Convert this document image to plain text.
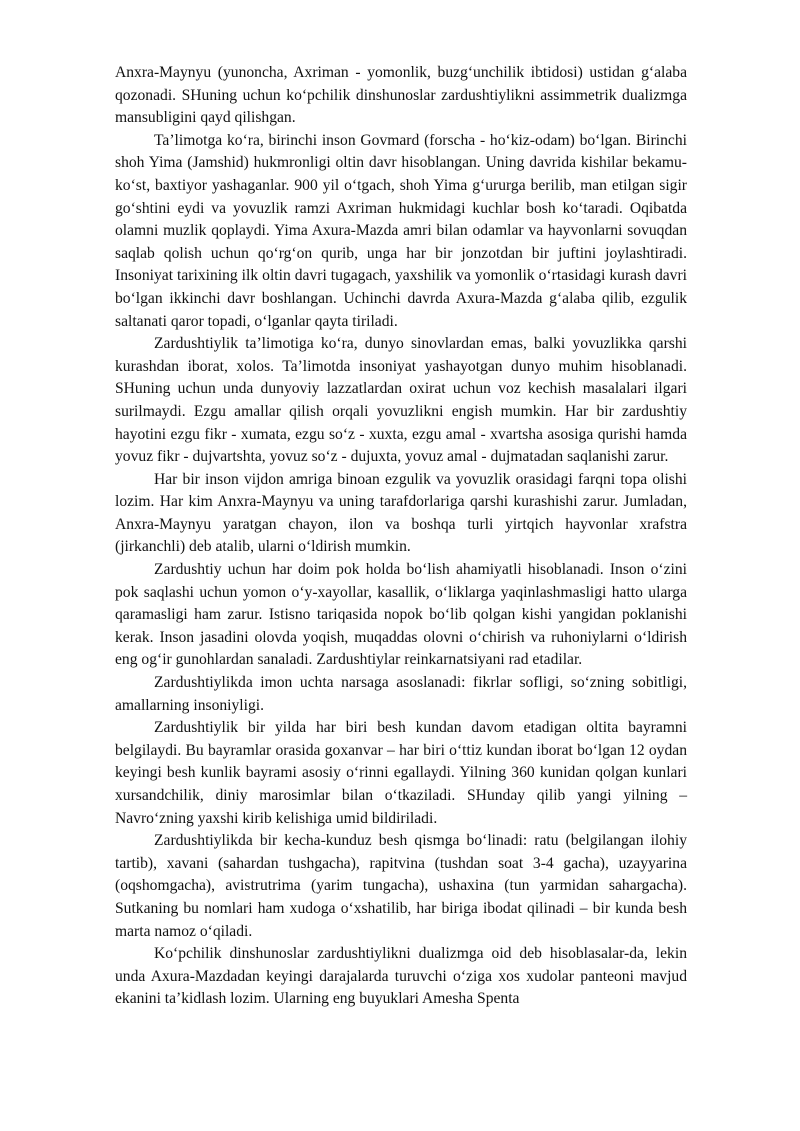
Anxra-Maynyu (yunoncha, Axriman - yomonlik, buzg‘unchilik ibtidosi) ustidan g‘alaba qozonadi. SHuning uchun ko‘pchilik dinshunoslar zardushtiylikni assimmetrik dualizmga mansubligini qayd qilishgan.

Ta’limotga ko‘ra, birinchi inson Govmard (forscha - ho‘kiz-odam) bo‘lgan. Birinchi shoh Yima (Jamshid) hukmronligi oltin davr hisoblangan. Uning davrida kishilar bekamu-ko‘st, baxtiyor yashaganlar. 900 yil o‘tgach, shoh Yima g‘ururga berilib, man etilgan sigir go‘shtini eydi va yovuzlik ramzi Axriman hukmidagi kuchlar bosh ko‘taradi. Oqibatda olamni muzlik qoplaydi. Yima Axura-Mazda amri bilan odamlar va hayvonlarni sovuqdan saqlab qolish uchun qo‘rg‘on qurib, unga har bir jonzotdan bir juftini joylashtiradi. Insoniyat tarixining ilk oltin davri tugagach, yaxshilik va yomonlik o‘rtasidagi kurash davri bo‘lgan ikkinchi davr boshlangan. Uchinchi davrda Axura-Mazda g‘alaba qilib, ezgulik saltanati qaror topadi, o‘lganlar qayta tiriladi.

Zardushtiylik ta’limotiga ko‘ra, dunyo sinovlardan emas, balki yovuzlikka qarshi kurashdan iborat, xolos. Ta’limotda insoniyat yashayotgan dunyo muhim hisoblanadi. SHuning uchun unda dunyoviy lazzatlardan oxirat uchun voz kechish masalalari ilgari surilmaydi. Ezgu amallar qilish orqali yovuzlikni engish mumkin. Har bir zardushtiy hayotini ezgu fikr - xumata, ezgu so‘z - xuxta, ezgu amal - xvartsha asosiga qurishi hamda yovuz fikr - dujvartshta, yovuz so‘z - dujuxta, yovuz amal - dujmatadan saqlanishi zarur.

Har bir inson vijdon amriga binoan ezgulik va yovuzlik orasidagi farqni topa olishi lozim. Har kim Anxra-Maynyu va uning tarafdorlariga qarshi kurashishi zarur. Jumladan, Anxra-Maynyu yaratgan chayon, ilon va boshqa turli yirtqich hayvonlar xrafstra (jirkanchli) deb atalib, ularni o‘ldirish mumkin.

Zardushtiy uchun har doim pok holda bo‘lish ahamiyatli hisoblanadi. Inson o‘zini pok saqlashi uchun yomon o‘y-xayollar, kasallik, o‘liklarga yaqinlashmasligi hatto ularga qaramasligi ham zarur. Istisno tariqasida nopok bo‘lib qolgan kishi yangidan poklanishi kerak. Inson jasadini olovda yoqish, muqaddas olovni o‘chirish va ruhoniylarni o‘ldirish eng og‘ir gunohlardan sanaladi. Zardushtiylar reinkarnatsiyani rad etadilar.

Zardushtiylikda imon uchta narsaga asoslanadi: fikrlar sofligi, so‘zning sobitligi, amallarning insoniyligi.

Zardushtiylik bir yilda har biri besh kundan davom etadigan oltita bayramni belgilaydi. Bu bayramlar orasida goxanvar – har biri o‘ttiz kundan iborat bo‘lgan 12 oydan keyingi besh kunlik bayrami asosiy o‘rinni egallaydi. Yilning 360 kunidan qolgan kunlari xursandchilik, diniy marosimlar bilan o‘tkaziladi. SHunday qilib yangi yilning – Navro‘zning yaxshi kirib kelishiga umid bildiriladi.

Zardushtiylikda bir kecha-kunduz besh qismga bo‘linadi: ratu (belgilangan ilohiy tartib), xavani (sahardan tushgacha), rapitvina (tushdan soat 3-4 gacha), uzayyarina (oqshomgacha), avistrutrima (yarim tungacha), ushaxina (tun yarmidan sahargacha). Sutkaning bu nomlari ham xudoga o‘xshatilib, har biriga ibodat qilinadi – bir kunda besh marta namoz o‘qiladi.

Ko‘pchilik dinshunoslar zardushtiylikni dualizmga oid deb hisoblasalar-da, lekin unda Axura-Mazdadan keyingi darajalarda turuvchi o‘ziga xos xudolar panteoni mavjud ekanini ta’kidlash lozim. Ularning eng buyuklari Amesha Spenta
